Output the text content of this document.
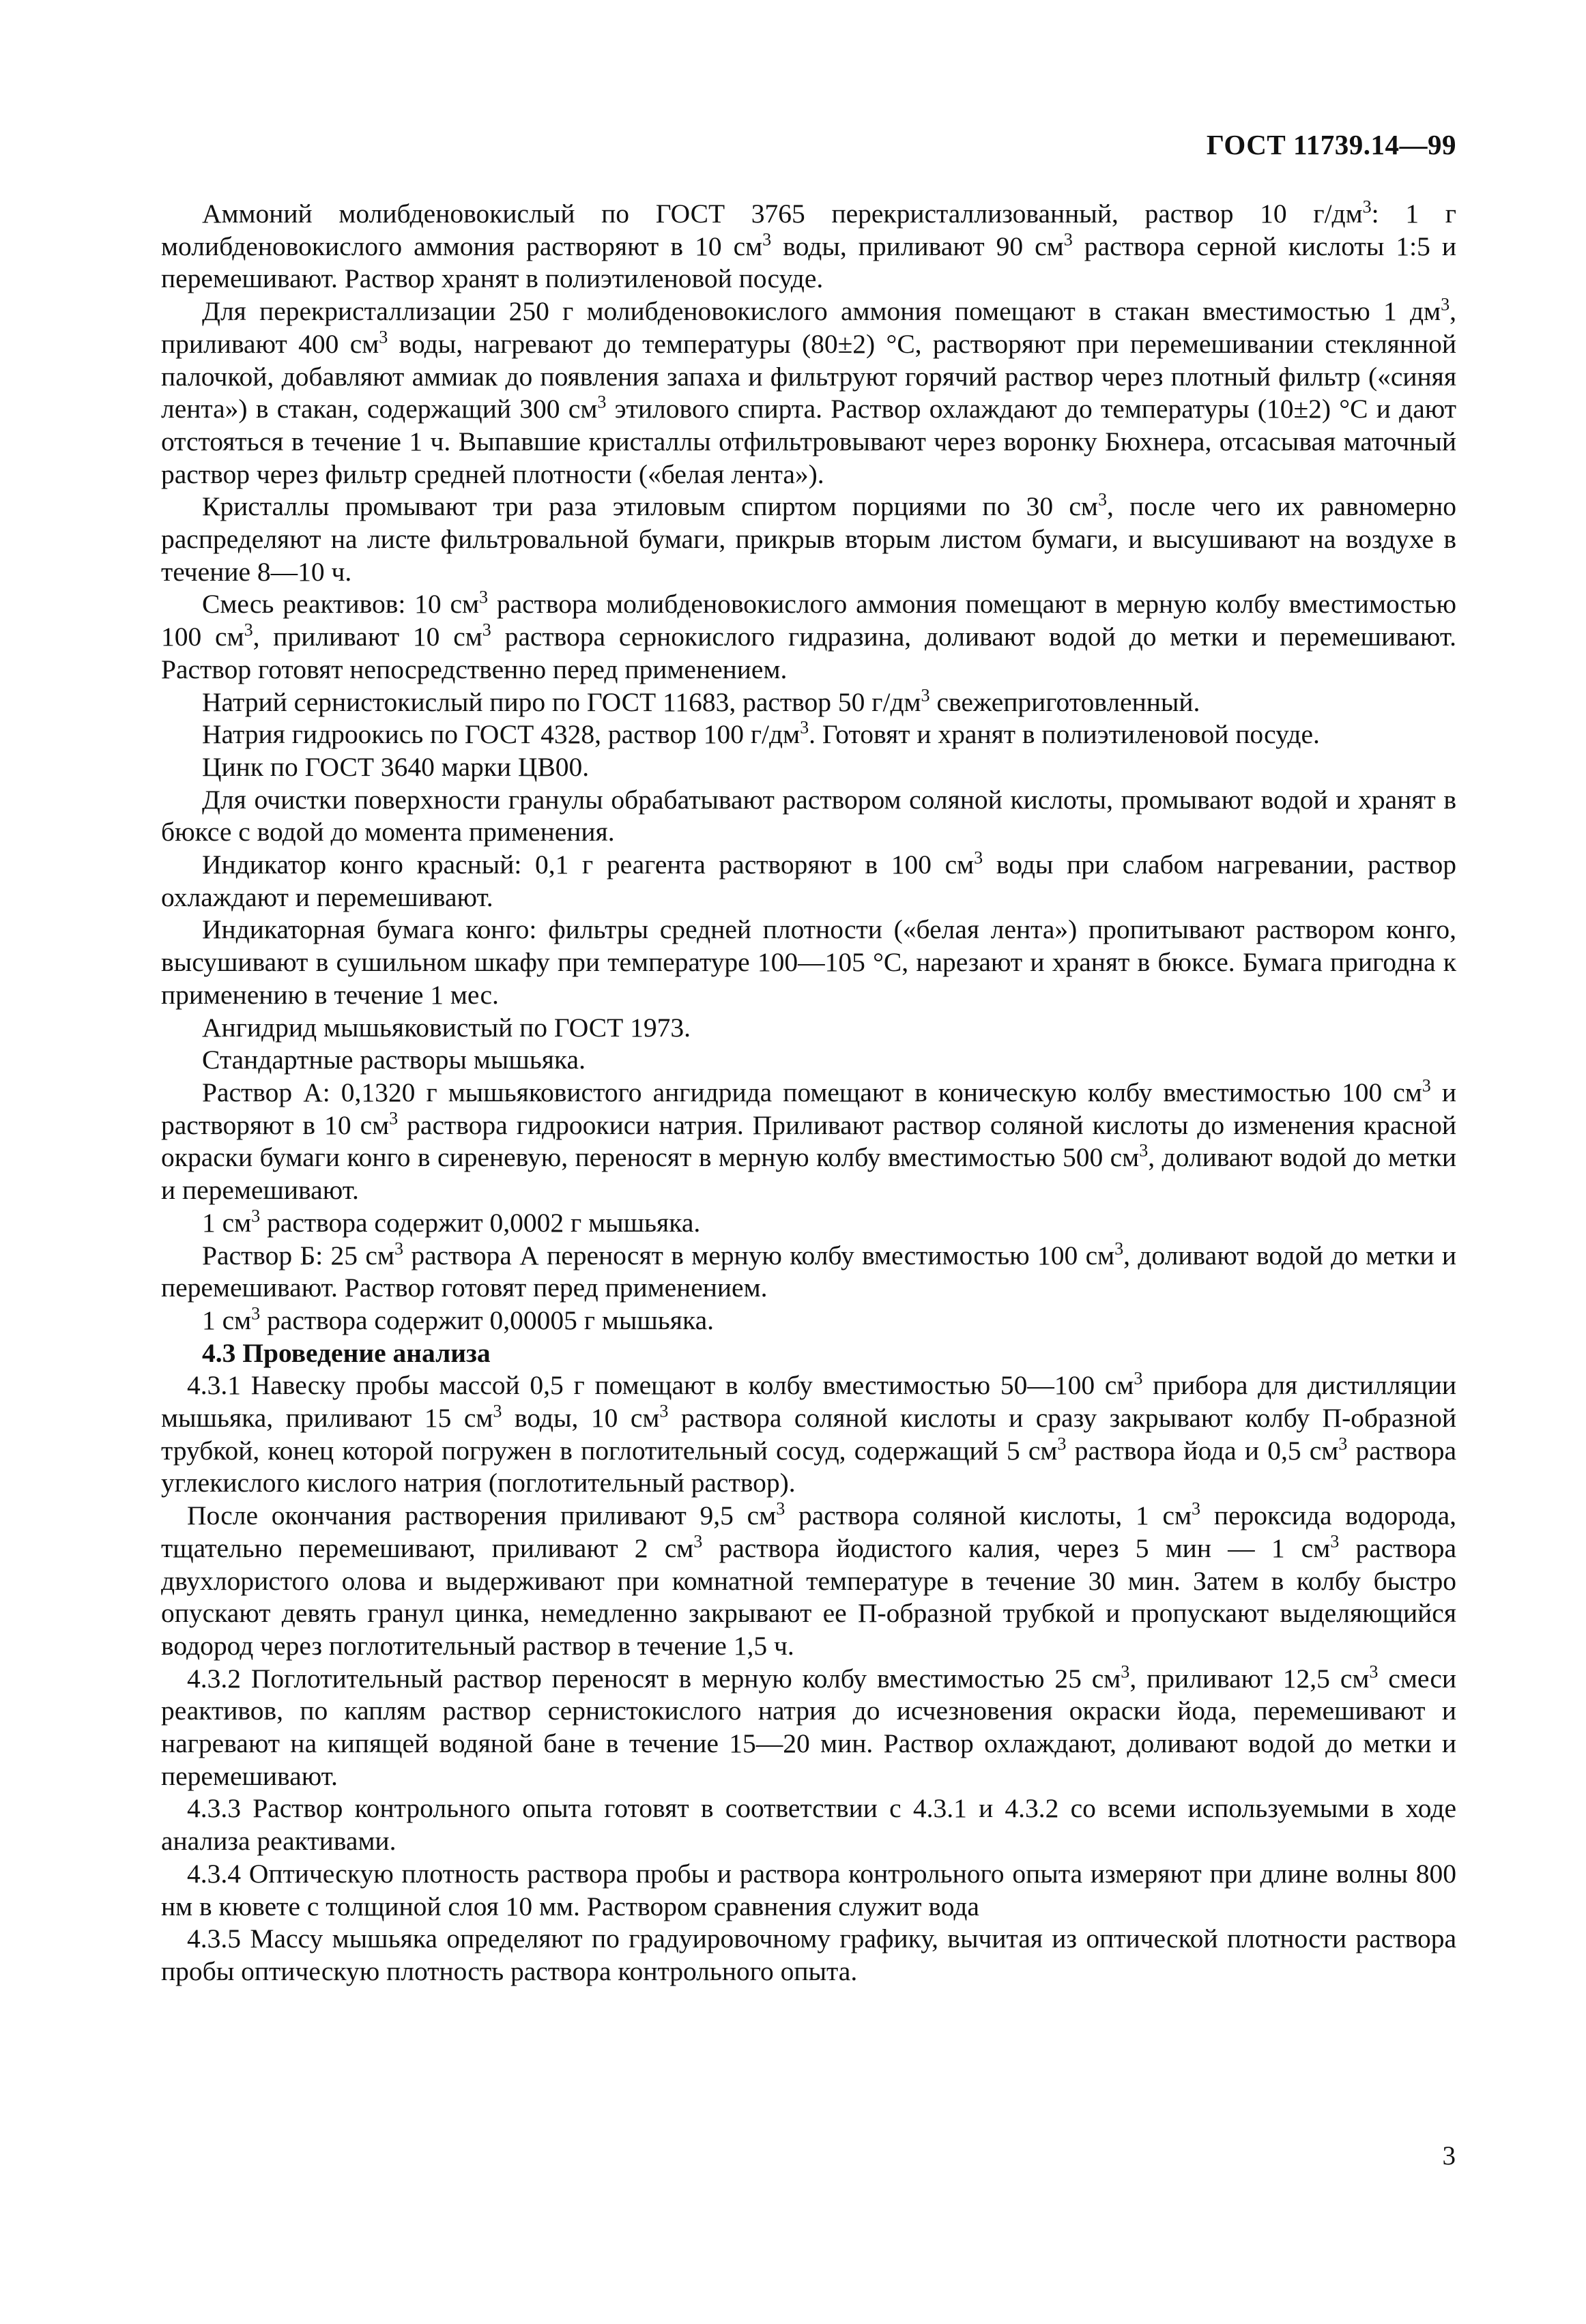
ГОСТ 11739.14—99

Аммоний молибденовокислый по ГОСТ 3765 перекристаллизованный, раствор 10 $г/дм^3$: 1 г молибденовокислого аммония растворяют в 10 $см^3$ воды, приливают 90 $см^3$ раствора серной кислоты 1:5 и перемешивают. Раствор хранят в полиэтиленовой посуде.

Для перекристаллизации 250 г молибденовокислого аммония помещают в стакан вместимостью 1 $дм^3$, приливают 400 $см^3$ воды, нагревают до температуры (80±2) °С, растворяют при перемешивании стеклянной палочкой, добавляют аммиак до появления запаха и фильтруют горячий раствор через плотный фильтр («синяя лента») в стакан, содержащий 300 $см^3$ этилового спирта. Раствор охлаждают до температуры (10±2) °С и дают отстояться в течение 1 ч. Выпавшие кристаллы отфильтровывают через воронку Бюхнера, отсасывая маточный раствор через фильтр средней плотности («белая лента»).

Кристаллы промывают три раза этиловым спиртом порциями по 30 $см^3$, после чего их равномерно распределяют на листе фильтровальной бумаги, прикрыв вторым листом бумаги, и высушивают на воздухе в течение 8—10 ч.

Смесь реактивов: 10 $см^3$ раствора молибденовокислого аммония помещают в мерную колбу вместимостью 100 $см^3$, приливают 10 $см^3$ раствора сернокислого гидразина, доливают водой до метки и перемешивают. Раствор готовят непосредственно перед применением.

Натрий сернистокислый пиро по ГОСТ 11683, раствор 50 $г/дм^3$ свежеприготовленный.

Натрия гидроокись по ГОСТ 4328, раствор 100 $г/дм^3$. Готовят и хранят в полиэтиленовой посуде.

Цинк по ГОСТ 3640 марки ЦВ00.

Для очистки поверхности гранулы обрабатывают раствором соляной кислоты, промывают водой и хранят в бюксе с водой до момента применения.

Индикатор конго красный: 0,1 г реагента растворяют в 100 $см^3$ воды при слабом нагревании, раствор охлаждают и перемешивают.

Индикаторная бумага конго: фильтры средней плотности («белая лента») пропитывают раствором конго, высушивают в сушильном шкафу при температуре 100—105 °С, нарезают и хранят в бюксе. Бумага пригодна к применению в течение 1 мес.

Ангидрид мышьяковистый по ГОСТ 1973.

Стандартные растворы мышьяка.

Раствор А: 0,1320 г мышьяковистого ангидрида помещают в коническую колбу вместимостью 100 $см^3$ и растворяют в 10 $см^3$ раствора гидроокиси натрия. Приливают раствор соляной кислоты до изменения красной окраски бумаги конго в сиреневую, переносят в мерную колбу вместимостью 500 $см^3$, доливают водой до метки и перемешивают.

1 $см^3$ раствора содержит 0,0002 г мышьяка.

Раствор Б: 25 $см^3$ раствора А переносят в мерную колбу вместимостью 100 $см^3$, доливают водой до метки и перемешивают. Раствор готовят перед применением.

1 $см^3$ раствора содержит 0,00005 г мышьяка.

4.3 Проведение анализа

4.3.1 Навеску пробы массой 0,5 г помещают в колбу вместимостью 50—100 $см^3$ прибора для дистилляции мышьяка, приливают 15 $см^3$ воды, 10 $см^3$ раствора соляной кислоты и сразу закрывают колбу П-образной трубкой, конец которой погружен в поглотительный сосуд, содержащий 5 $см^3$ раствора йода и 0,5 $см^3$ раствора углекислого кислого натрия (поглотительный раствор).

После окончания растворения приливают 9,5 $см^3$ раствора соляной кислоты, 1 $см^3$ пероксида водорода, тщательно перемешивают, приливают 2 $см^3$ раствора йодистого калия, через 5 мин — 1 $см^3$ раствора двухлористого олова и выдерживают при комнатной температуре в течение 30 мин. Затем в колбу быстро опускают девять гранул цинка, немедленно закрывают ее П-образной трубкой и пропускают выделяющийся водород через поглотительный раствор в течение 1,5 ч.

4.3.2 Поглотительный раствор переносят в мерную колбу вместимостью 25 $см^3$, приливают 12,5 $см^3$ смеси реактивов, по каплям раствор сернистокислого натрия до исчезновения окраски йода, перемешивают и нагревают на кипящей водяной бане в течение 15—20 мин. Раствор охлаждают, доливают водой до метки и перемешивают.

4.3.3 Раствор контрольного опыта готовят в соответствии с 4.3.1 и 4.3.2 со всеми используемыми в ходе анализа реактивами.

4.3.4 Оптическую плотность раствора пробы и раствора контрольного опыта измеряют при длине волны 800 нм в кювете с толщиной слоя 10 мм. Раствором сравнения служит вода

4.3.5 Массу мышьяка определяют по градуировочному графику, вычитая из оптической плотности раствора пробы оптическую плотность раствора контрольного опыта.

3
